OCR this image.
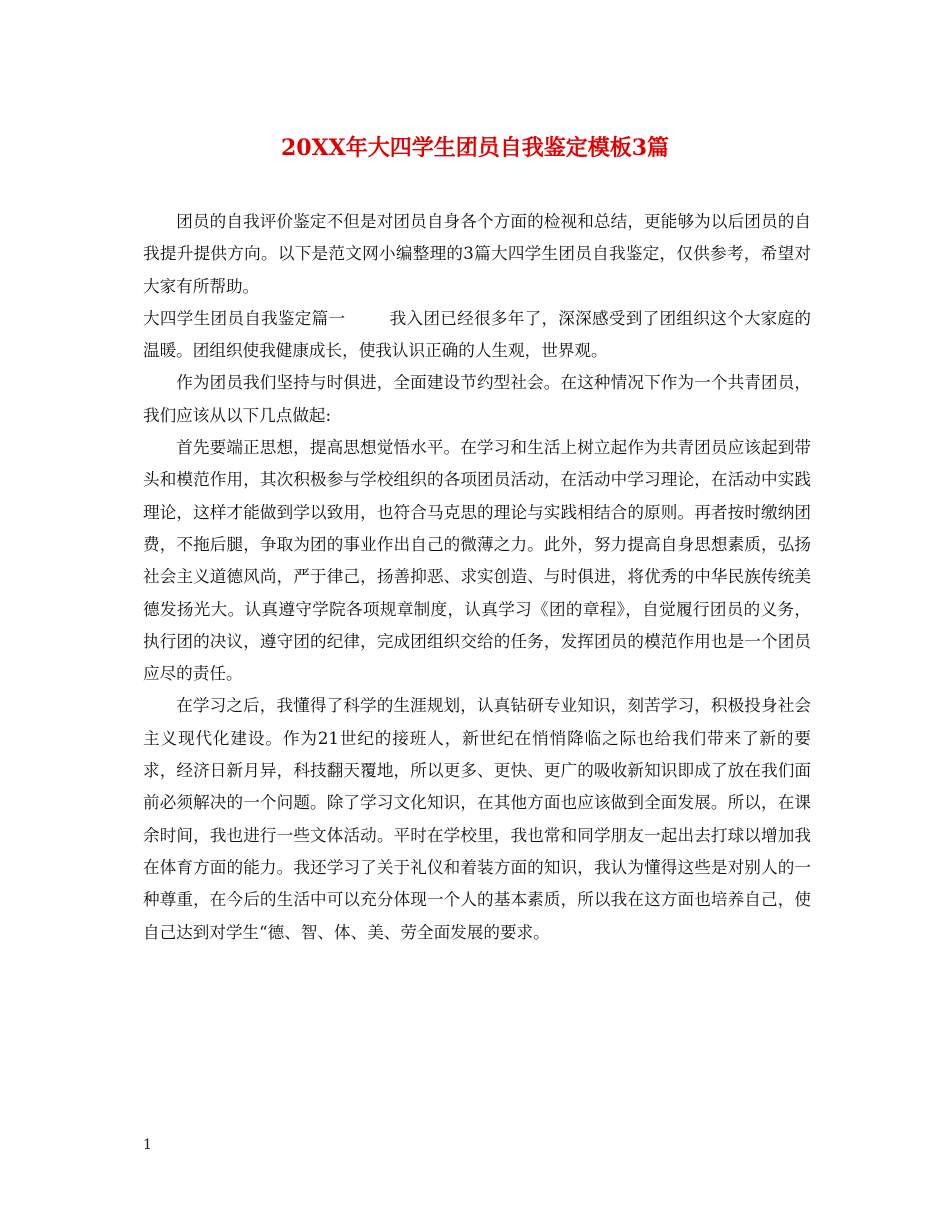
20XX年大四学生团员自我鉴定模板3篇

团员的自我评价鉴定不但是对团员自身各个方面的检视和总结，更能够为以后团员的自我提升提供方向。以下是范文网小编整理的3篇大四学生团员自我鉴定，仅供参考，希望对大家有所帮助。

大四学生团员自我鉴定篇一	我入团已经很多年了，深深感受到了团组织这个大家庭的温暖。团组织使我健康成长，使我认识正确的人生观，世界观。

作为团员我们坚持与时俱进，全面建设节约型社会。在这种情况下作为一个共青团员，我们应该从以下几点做起:

首先要端正思想，提高思想觉悟水平。在学习和生活上树立起作为共青团员应该起到带头和模范作用，其次积极参与学校组织的各项团员活动，在活动中学习理论，在活动中实践理论，这样才能做到学以致用，也符合马克思的理论与实践相结合的原则。再者按时缴纳团费，不拖后腿，争取为团的事业作出自己的微薄之力。此外，努力提高自身思想素质，弘扬社会主义道德风尚，严于律己，扬善抑恶、求实创造、与时俱进，将优秀的中华民族传统美德发扬光大。认真遵守学院各项规章制度，认真学习《团的章程》，自觉履行团员的义务，执行团的决议，遵守团的纪律，完成团组织交给的任务，发挥团员的模范作用也是一个团员应尽的责任。

在学习之后，我懂得了科学的生涯规划，认真钻研专业知识，刻苦学习，积极投身社会主义现代化建设。作为21世纪的接班人，新世纪在悄悄降临之际也给我们带来了新的要求，经济日新月异，科技翻天覆地，所以更多、更快、更广的吸收新知识即成了放在我们面前必须解决的一个问题。除了学习文化知识，在其他方面也应该做到全面发展。所以，在课余时间，我也进行一些文体活动。平时在学校里，我也常和同学朋友一起出去打球以增加我在体育方面的能力。我还学习了关于礼仪和着装方面的知识，我认为懂得这些是对别人的一种尊重，在今后的生活中可以充分体现一个人的基本素质，所以我在这方面也培养自己，使自己达到对学生“德、智、体、美、劳全面发展的要求。

1
